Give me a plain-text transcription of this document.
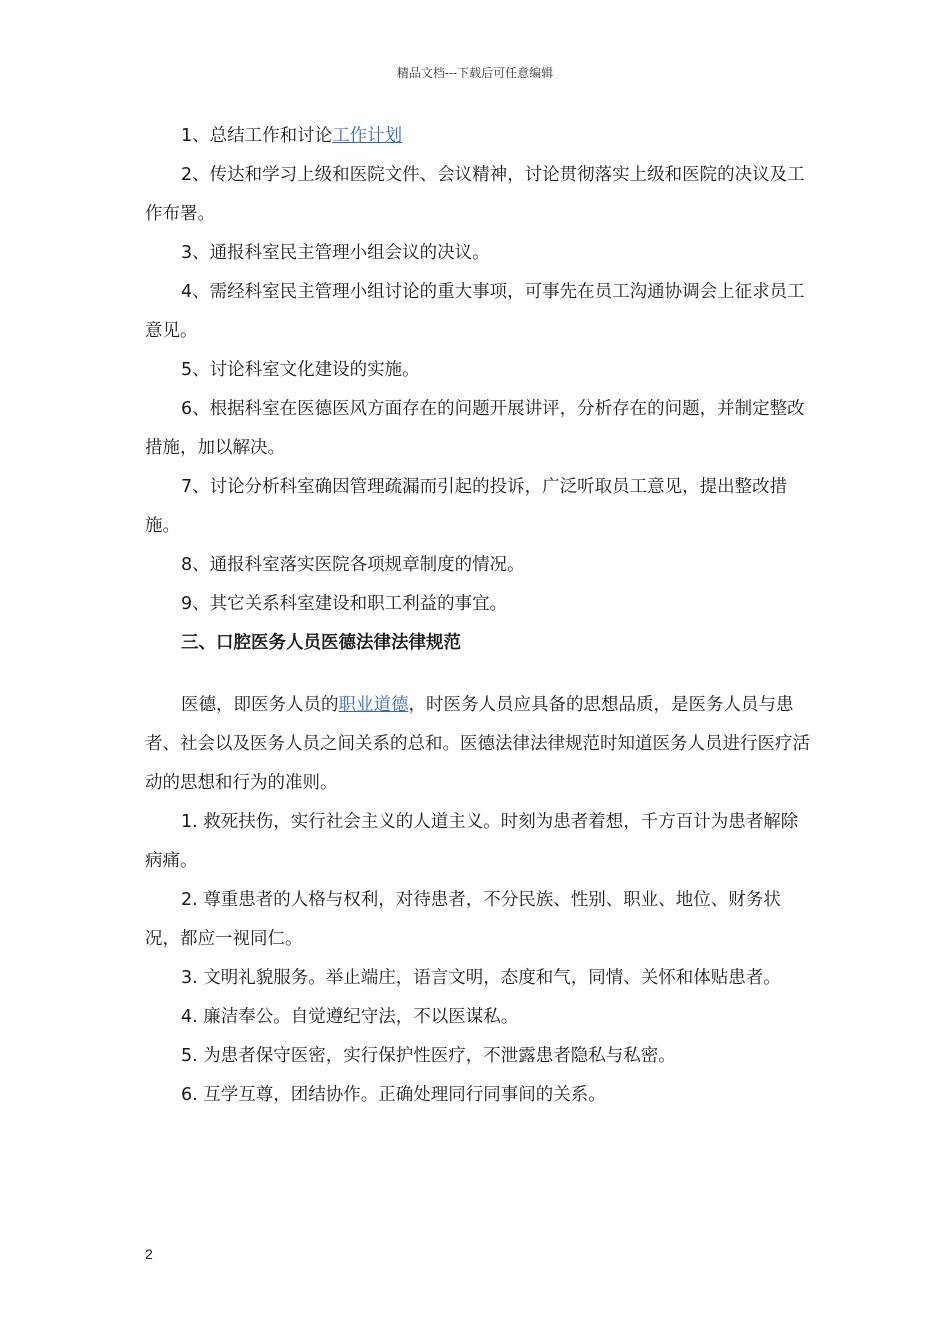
精品文档---下载后可任意编辑

1、总结工作和讨论工作计划

2、传达和学习上级和医院文件、会议精神，讨论贯彻落实上级和医院的决议及工作布署。

3、通报科室民主管理小组会议的决议。

4、需经科室民主管理小组讨论的重大事项，可事先在员工沟通协调会上征求员工意见。

5、讨论科室文化建设的实施。

6、根据科室在医德医风方面存在的问题开展讲评，分析存在的问题，并制定整改措施，加以解决。

7、讨论分析科室确因管理疏漏而引起的投诉，广泛听取员工意见，提出整改措施。

8、通报科室落实医院各项规章制度的情况。

9、其它关系科室建设和职工利益的事宜。

三、口腔医务人员医德法律法律规范

医德，即医务人员的职业道德，时医务人员应具备的思想品质，是医务人员与患者、社会以及医务人员之间关系的总和。医德法律法律规范时知道医务人员进行医疗活动的思想和行为的准则。

1. 救死扶伤，实行社会主义的人道主义。时刻为患者着想，千方百计为患者解除病痛。

2. 尊重患者的人格与权利，对待患者，不分民族、性别、职业、地位、财务状况，都应一视同仁。

3. 文明礼貌服务。举止端庄，语言文明，态度和气，同情、关怀和体贴患者。

4. 廉洁奉公。自觉遵纪守法，不以医谋私。

5. 为患者保守医密，实行保护性医疗，不泄露患者隐私与私密。

6. 互学互尊，团结协作。正确处理同行同事间的关系。

2
